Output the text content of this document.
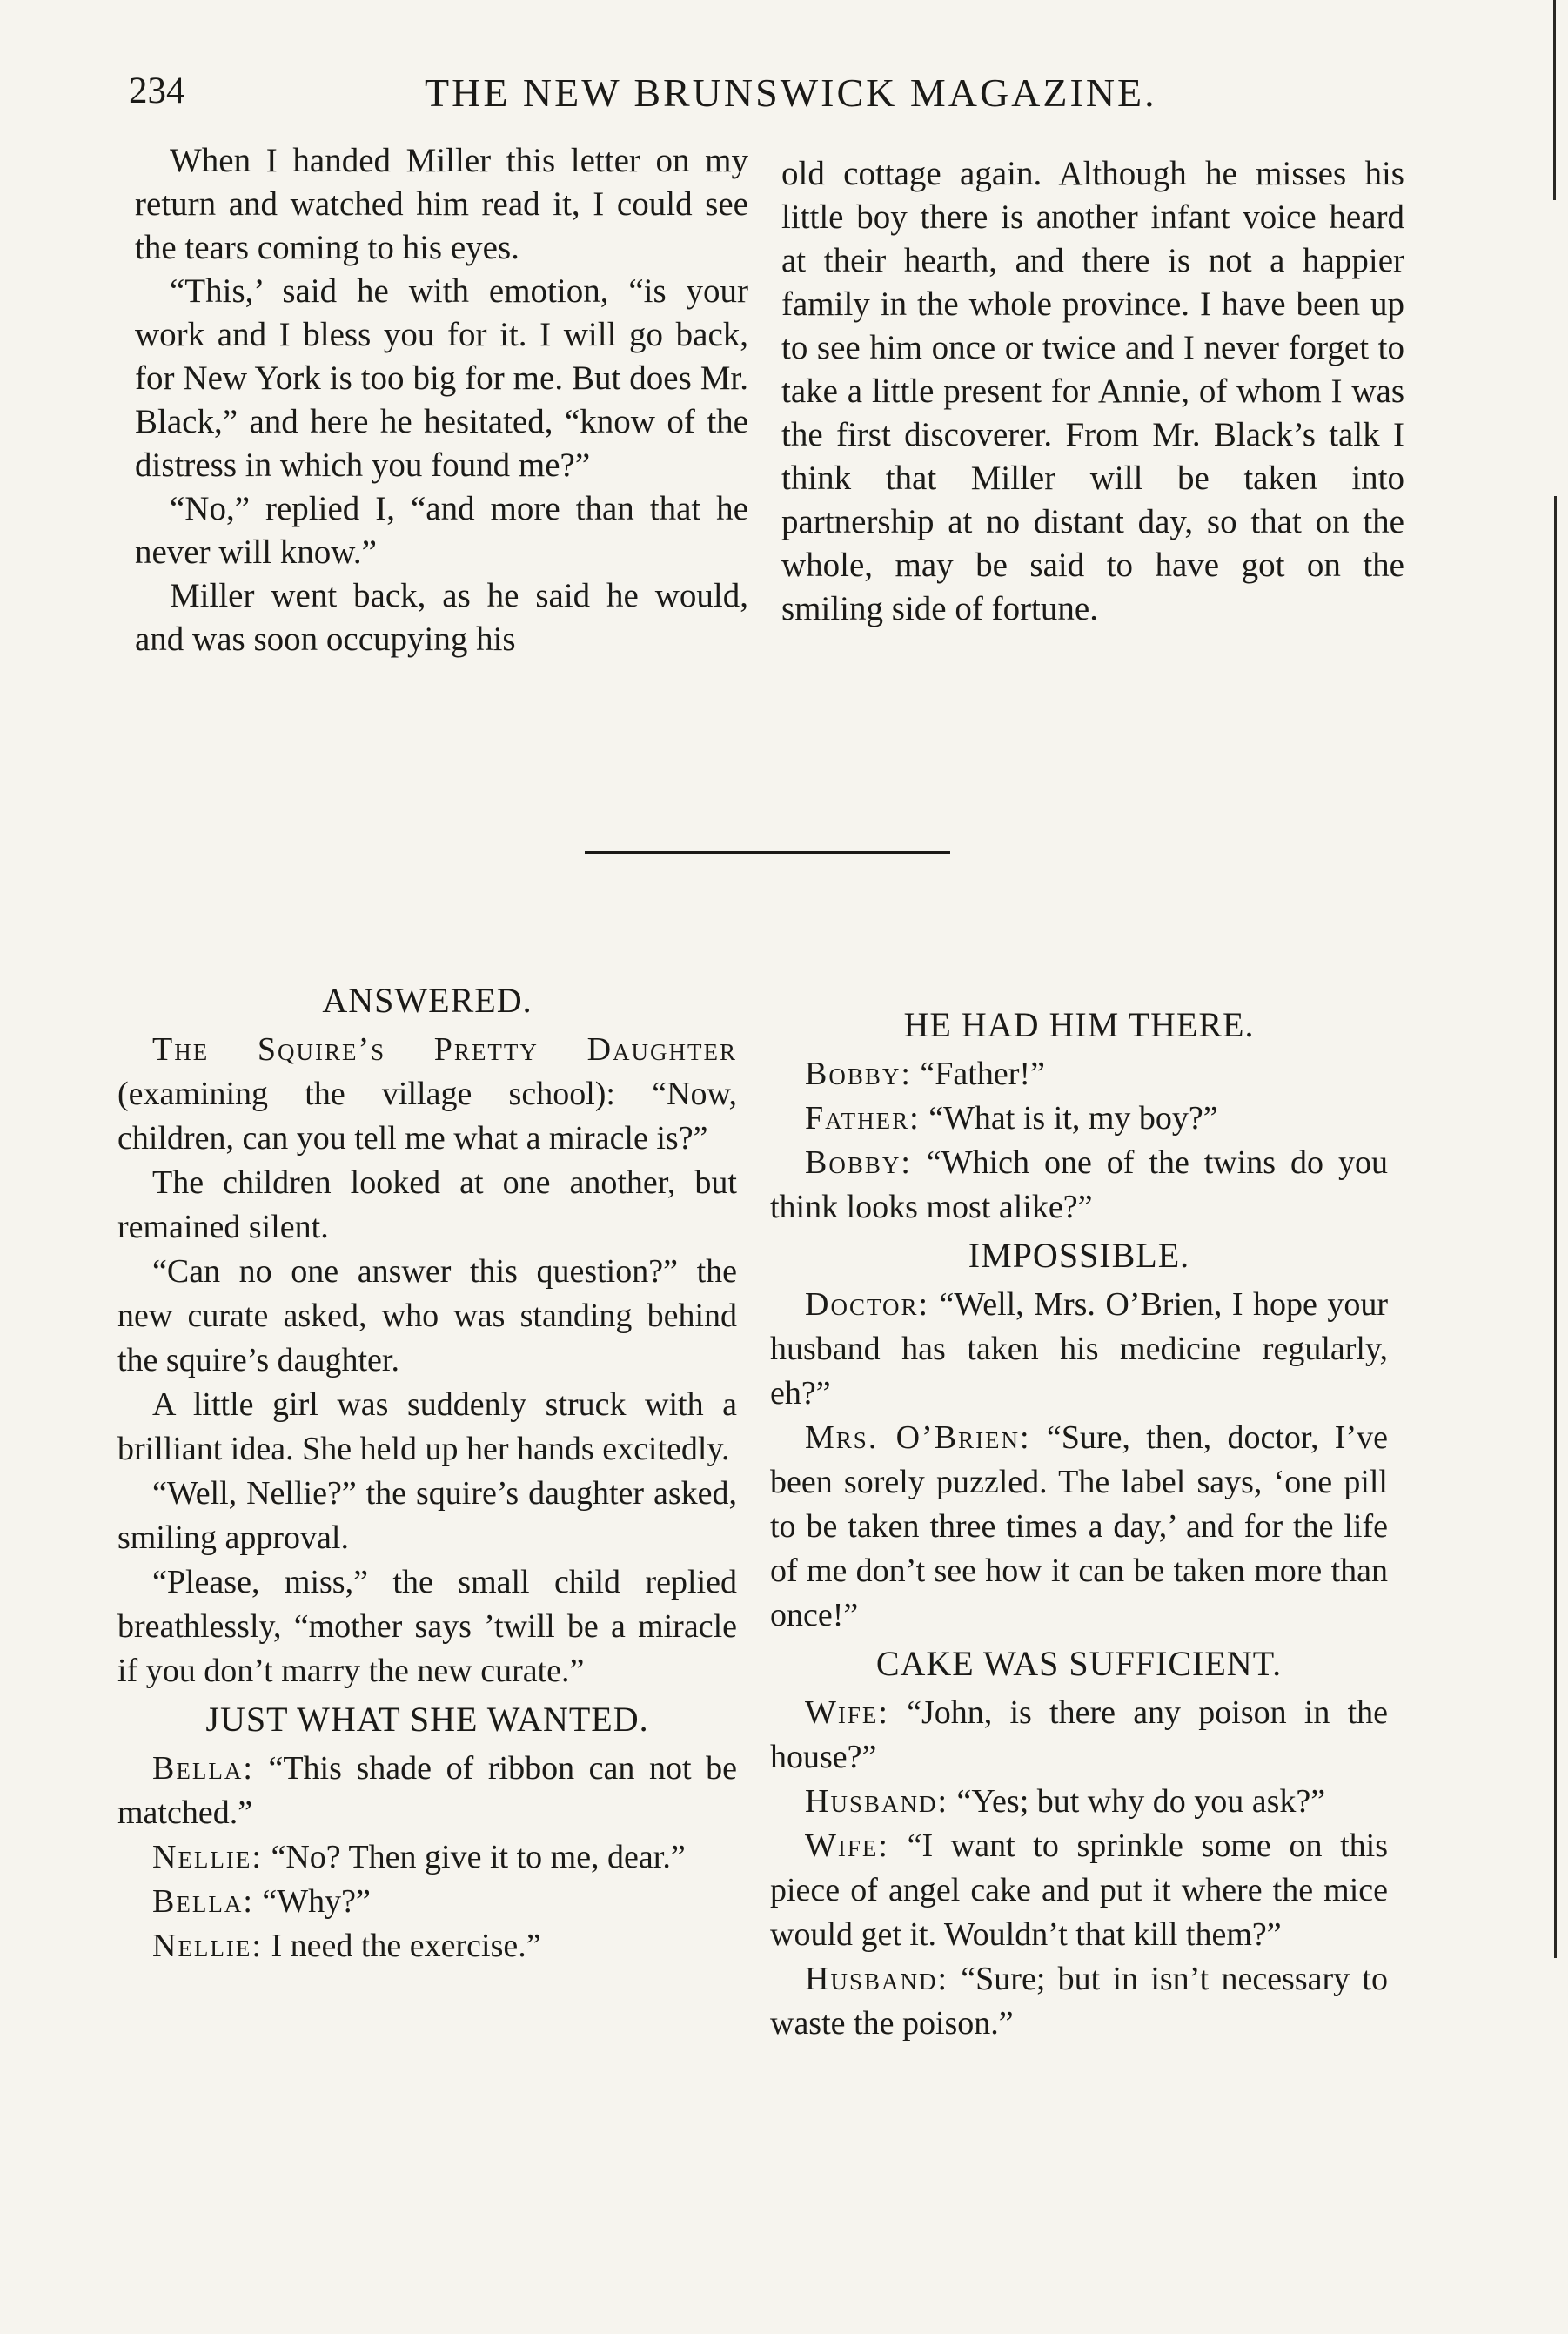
234	THE NEW BRUNSWICK MAGAZINE.

When I handed Miller this letter on my return and watched him read it, I could see the tears coming to his eyes.

“This,’ said he with emotion, “is your work and I bless you for it. I will go back, for New York is too big for me. But does Mr. Black,” and here he hesitated, “know of the distress in which you found me?”

“No,” replied I, “and more than that he never will know.”

Miller went back, as he said he would, and was soon occupying his

old cottage again. Although he misses his little boy there is another infant voice heard at their hearth, and there is not a happier family in the whole province. I have been up to see him once or twice and I never forget to take a little present for Annie, of whom I was the first discoverer. From Mr. Black’s talk I think that Miller will be taken into partnership at no distant day, so that on the whole, may be said to have got on the smiling side of fortune.

ANSWERED.

The Squire’s Pretty Daughter (examining the village school): “Now, children, can you tell me what a miracle is?”

The children looked at one another, but remained silent.

“Can no one answer this question?” the new curate asked, who was standing behind the squire’s daughter.

A little girl was suddenly struck with a brilliant idea. She held up her hands excitedly.

“Well, Nellie?” the squire’s daughter asked, smiling approval.

“Please, miss,” the small child replied breathlessly, “mother says ’twill be a miracle if you don’t marry the new curate.”

JUST WHAT SHE WANTED.

Bella: “This shade of ribbon can not be matched.”

Nellie: “No? Then give it to me, dear.”

Bella: “Why?”

Nellie: I need the exercise.”

HE HAD HIM THERE.

Bobby: “Father!”

Father: “What is it, my boy?”

Bobby: “Which one of the twins do you think looks most alike?”

IMPOSSIBLE.

Doctor: “Well, Mrs. O’Brien, I hope your husband has taken his medicine regularly, eh?”

Mrs. O’Brien: “Sure, then, doctor, I’ve been sorely puzzled. The label says, ‘one pill to be taken three times a day,’ and for the life of me don’t see how it can be taken more than once!”

CAKE WAS SUFFICIENT.

Wife: “John, is there any poison in the house?”

Husband: “Yes; but why do you ask?”

Wife: “I want to sprinkle some on this piece of angel cake and put it where the mice would get it. Wouldn’t that kill them?”

Husband: “Sure; but in isn’t necessary to waste the poison.”
